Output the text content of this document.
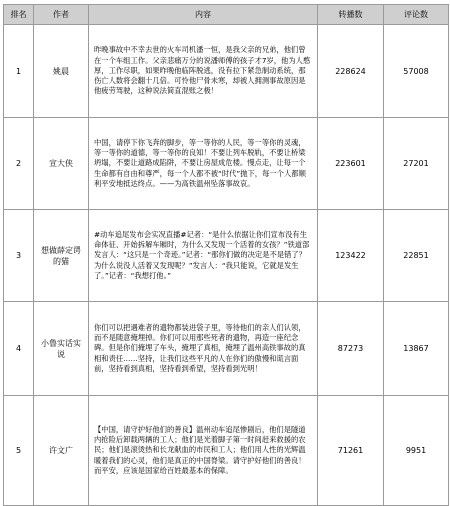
排名	作者	内容	转播数	评论数
1	姚晨	昨晚事故中不幸去世的火车司机潘一恒，是我父亲的兄弟，他们曾在一个车组工作。父亲悲痛万分的说潘师傅的孩子才7岁，他为人憨厚，工作尽职，如果昨晚他临阵脱逃，没有拉下紧急制动系统，那伤亡人数将会翻十几倍。可怜他尸骨未寒，却被人拥测事故原因是他疲劳驾驶，这种说法简直混账之极！	228624	57008
2	宣大侠	中国，请停下你飞奔的脚步，等一等你的人民，等一等你的灵魂，等一等你的道德，等一等你的良知！不要让列车脱轨，不要让桥梁坍塌，不要让道路成陷阱，不要让房屋成危楼。慢点走，让每一个生命都有自由和尊严，每一个人都不被“时代”抛下，每一个人都顺利平安地抵达终点。——为高铁温州坠落事故哀。	223601	27201
3	想做薛定谔的猫	#动车追尾发布会实况直播#记者：“是什么依据让你们宣布没有生命体征、开始拆解车厢时，为什么又发现一个活着的女孩？”铁道部发言人：“这只是一个奇迹。”记者：“那你们做的决定是不是错了？为什么说没人活着又发现呢？”发言人：“我只能说，它就是发生了。”记者：“我想打他。”	123422	22851
4	小鲁实话实说	你们可以把遇难者的遗物都装进袋子里，等待他们的亲人们认领，而不是随意掩埋掉。你们可以用那些死者的遗物，再造一座纪念碑。但是你们掩埋了车头，掩埋了真相，掩埋了温州高铁事故的真相和责任……坚持，让我们这些平凡的人在你们的傲慢和谎言面前，坚持看到真相，坚持看到希望，坚持看到光明！	87273	13867
5	许文广	【中国，请守护好他们的善良】温州动车追尾惨剧后，他们是隧道内抢险后卸载两辆的工人；他们是光着脚子第一时间赶来救援的农民；他们是滚烫热和长龙献血的市民和工人；他们用人性的光辉温暖着我们的心灵，他们是真正的中国脊梁。请守护好他们的善良！而平安，应该是国家给百姓最基本的保障。	71261	9951
